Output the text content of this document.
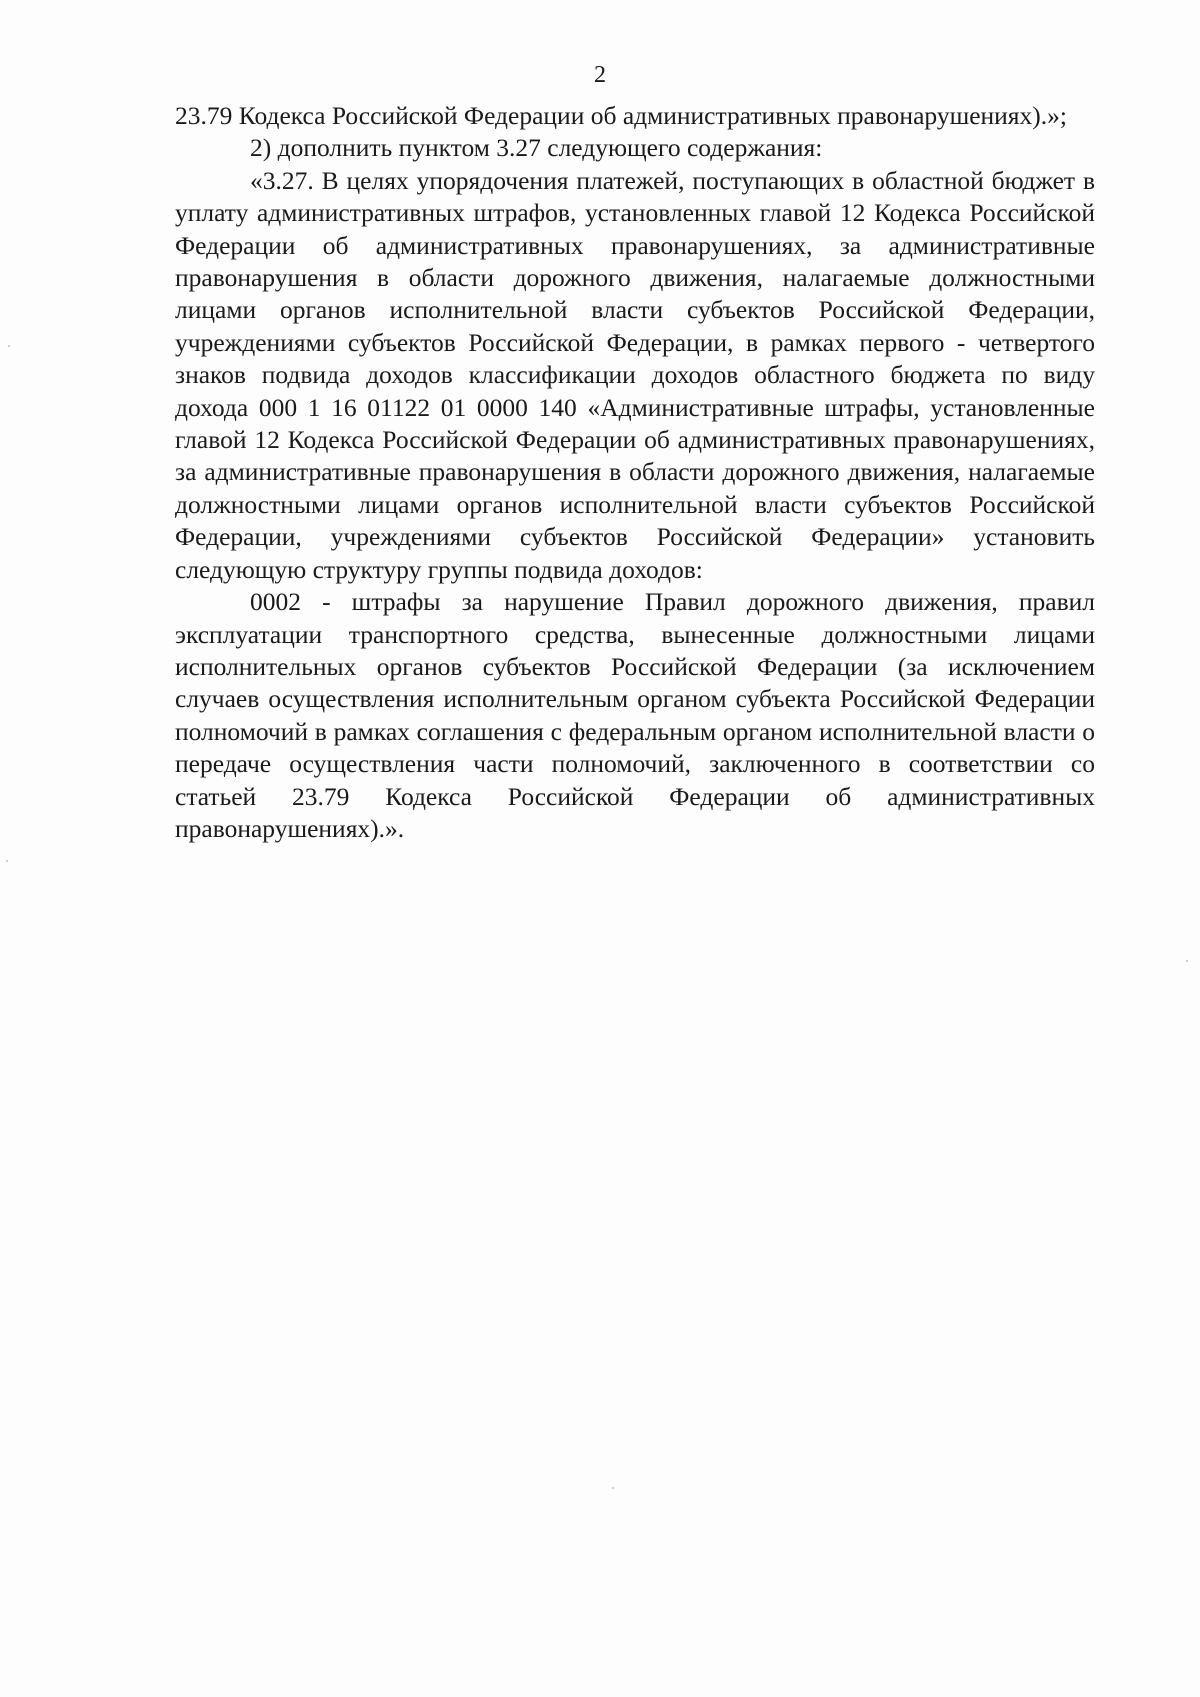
2

23.79 Кодекса Российской Федерации об административных правонарушениях).»;

2) дополнить пунктом 3.27 следующего содержания:

«3.27. В целях упорядочения платежей, поступающих в областной бюджет в уплату административных штрафов, установленных главой 12 Кодекса Российской Федерации об административных правонарушениях, за административные правонарушения в области дорожного движения, налагаемые должностными лицами органов исполнительной власти субъектов Российской Федерации, учреждениями субъектов Российской Федерации, в рамках первого - четвертого знаков подвида доходов классификации доходов областного бюджета по виду дохода 000 1 16 01122 01 0000 140 «Административные штрафы, установленные главой 12 Кодекса Российской Федерации об административных правонарушениях, за административные правонарушения в области дорожного движения, налагаемые должностными лицами органов исполнительной власти субъектов Российской Федерации, учреждениями субъектов Российской Федерации» установить следующую структуру группы подвида доходов:

0002 - штрафы за нарушение Правил дорожного движения, правил эксплуатации транспортного средства, вынесенные должностными лицами исполнительных органов субъектов Российской Федерации (за исключением случаев осуществления исполнительным органом субъекта Российской Федерации полномочий в рамках соглашения с федеральным органом исполнительной власти о передаче осуществления части полномочий, заключенного в соответствии со статьей 23.79 Кодекса Российской Федерации об административных правонарушениях).».
